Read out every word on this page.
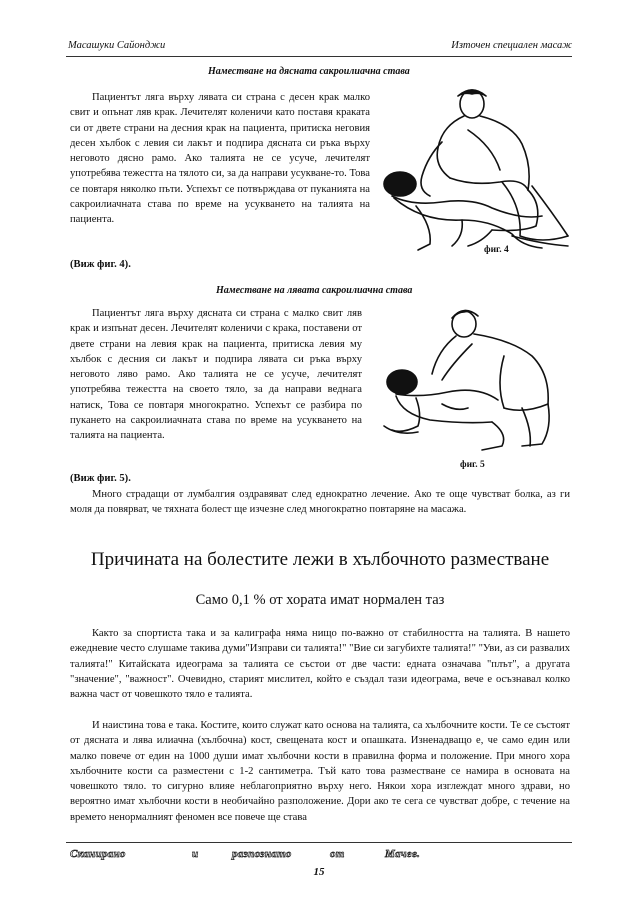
Масашуки Сайонджи	Източен специален масаж
Наместване на дясната сакроилиачна става

Пациентът ляга върху лявата си страна с десен крак малко свит и опънат ляв крак. Лечителят коленичи като поставя краката си от двете страни на десния крак на пациента, притиска неговия десен хълбок с левия си лакът и подпира дясната си ръка върху неговото дясно рамо. Ако талията не се усуче, лечителят употребява тежестта на тялото си, за да направи усукване-то. Това се повтаря няколко пъти. Успехът се потвърждава от пуканията на сакроилиачната става по време на усукването на талията на пациента.

(Виж фиг. 4).
фиг. 4
Наместване на лявата сакроилиачна става

Пациентът ляга върху дясната си страна с малко свит ляв крак и изпънат десен. Лечителят коленичи с крака, поставени от двете страни на левия крак на пациента, притиска левия му хълбок с десния си лакът и подпира лявата си ръка върху неговото ляво рамо. Ако талията не се усуче, лечителят употребява тежестта на своето тяло, за да направи веднага натиск, Това се повтаря многократно. Успехът се разбира по пукането на сакроилиачната става по време на усукването на талията на пациента.

фиг. 5
(Виж фиг. 5).

Много страдащи от лумбалгия оздравяват след еднократно лечение. Ако те още чувстват болка, аз ги моля да повярват, че тяхната болест ще изчезне след многократно повтаряне на масажа.

Причината на болестите лежи в хълбочното разместване
Само 0,1 % от хората имат нормален таз

Както за спортиста така и за калиграфа няма нищо по-важно от стабилността на талията. В нашето ежедневие често слушаме такива думи"Изправи си талията!" "Вие си загубихте талията!" "Уви, аз си развалих талията!" Китайската идеограма за талията се състои от две части: едната означава "плът", а другата "значение", "важност". Очевидно, старият мислител, който е създал тази идеограма, вече е осъзнавал колко важна част от човешкото тяло е талията.

И наистина това е така. Костите, които служат като основа на талията, са хълбочните кости. Те се състоят от дясната и лява илиачна (хълбочна) кост, свещената кост и опашката. Изненадващо е, че само един или малко повече от един на 1000 души имат хълбочни кости в правилна форма и положение. При много хора хълбочните кости са разместени с 1-2 сантиметра. Тъй като това разместване се намира в основата на човешкото тяло. то сигурно влияе неблагоприятно върху него. Някои хора изглеждат много здрави, но вероятно имат хълбочни кости в необичайно разположение. Дори ако те сега се чувстват добре, с течение на времето ненормалният феномен все повече ще става

Сканирано	и	разпознато	от	Мачев.
15
